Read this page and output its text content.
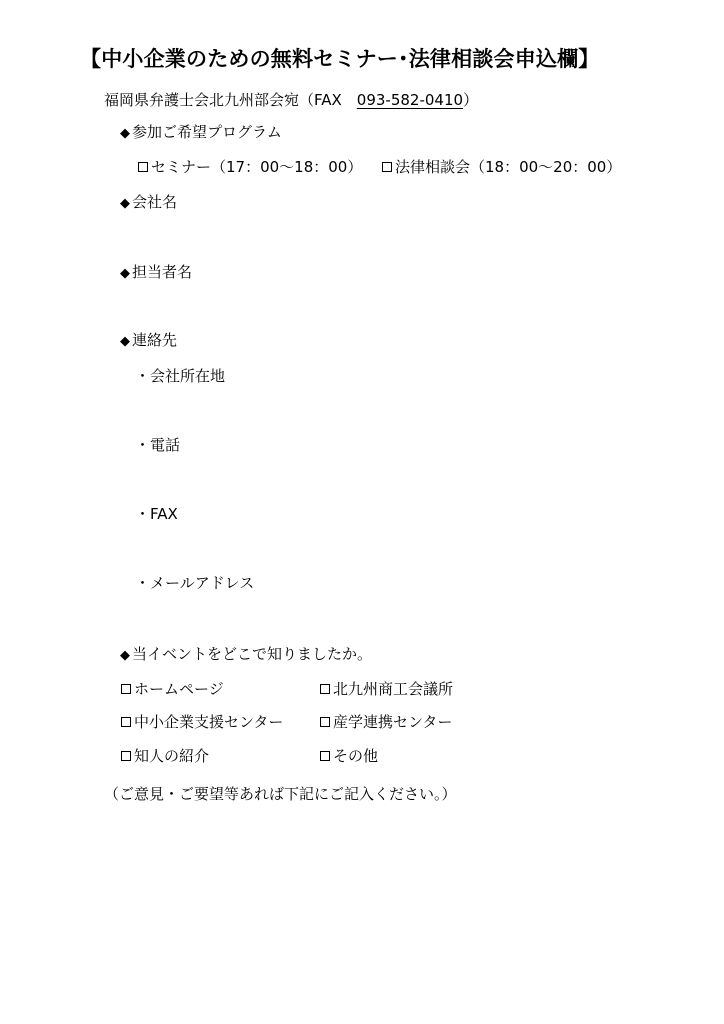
【中小企業のための無料セミナー･法律相談会申込欄】
福岡県弁護士会北九州部会宛（FAX　093-582-0410）
◆ 参加ご希望プログラム
セミナー（17：00～18：00）	法律相談会（18：00～20：00）
◆ 会社名
◆ 担当者名
◆ 連絡先
・会社所在地
・電話
・FAX
・メールアドレス
◆ 当イベントをどこで知りましたか。
ホームページ	北九州商工会議所
中小企業支援センター	産学連携センター
知人の紹介	その他
（ご意見・ご要望等あれば下記にご記入ください。）
